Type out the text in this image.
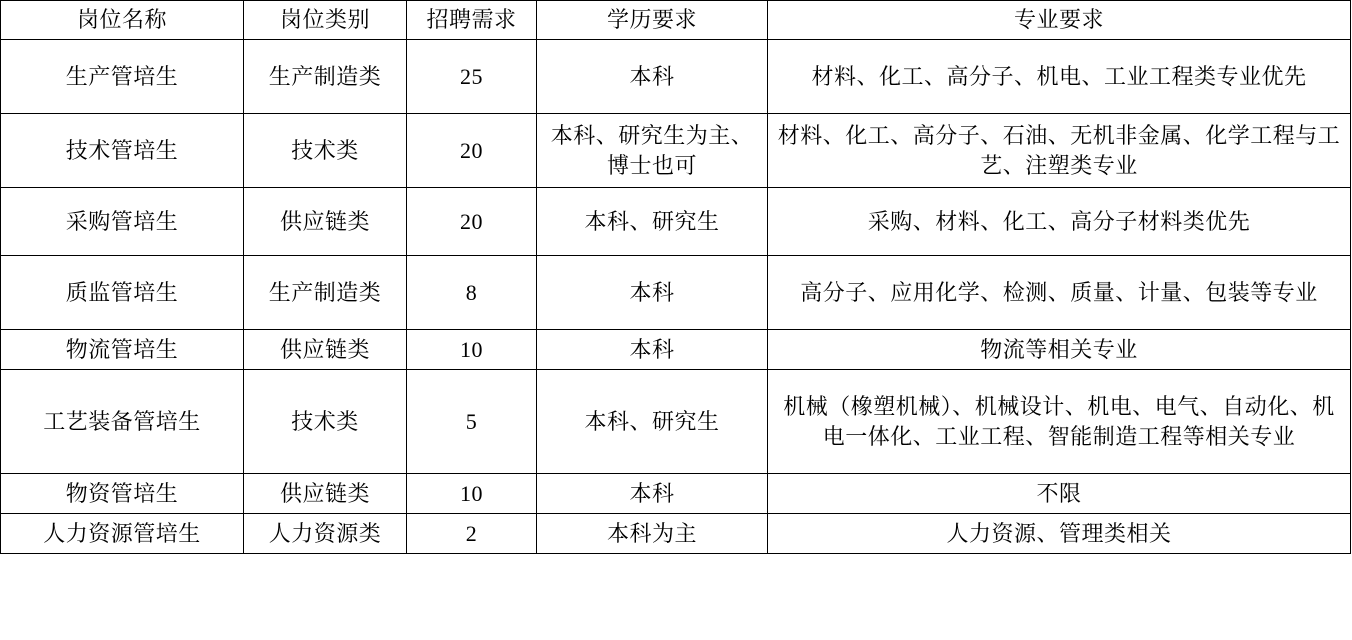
岗位名称	岗位类别	招聘需求	学历要求	专业要求
生产管培生	生产制造类	25	本科	材料、化工、高分子、机电、工业工程类专业优先
技术管培生	技术类	20	本科、研究生为主、博士也可	材料、化工、高分子、石油、无机非金属、化学工程与工艺、注塑类专业
采购管培生	供应链类	20	本科、研究生	采购、材料、化工、高分子材料类优先
质监管培生	生产制造类	8	本科	高分子、应用化学、检测、质量、计量、包装等专业
物流管培生	供应链类	10	本科	物流等相关专业
工艺装备管培生	技术类	5	本科、研究生	机械（橡塑机械）、机械设计、机电、电气、自动化、机电一体化、工业工程、智能制造工程等相关专业
物资管培生	供应链类	10	本科	不限
人力资源管培生	人力资源类	2	本科为主	人力资源、管理类相关
